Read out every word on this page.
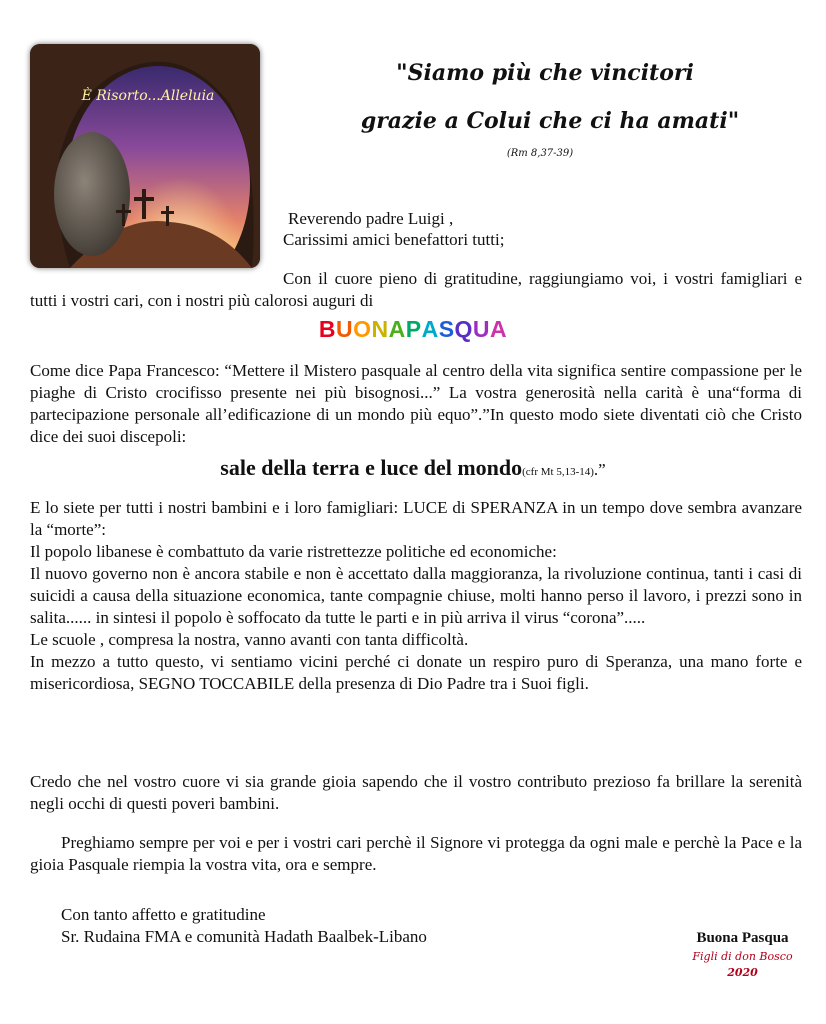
È Risorto...Alleluia
"Siamo più che vincitori
grazie a Colui che ci ha amati"
(Rm 8,37-39)
Reverendo padre Luigi ,
Carissimi amici benefattori tutti;
Con il cuore pieno di gratitudine, raggiungiamo voi, i vostri famigliari e tutti i vostri cari, con i nostri più calorosi auguri di
BUONAPASQUA
Come dice Papa Francesco: “Mettere il Mistero pasquale al centro della vita significa sentire compassione per le piaghe di Cristo crocifisso presente nei più bisognosi...” La vostra generosità nella carità è una“forma di partecipazione personale all’edificazione di un mondo più equo”.”In questo modo siete diventati ciò che Cristo dice dei suoi discepoli:
sale della terra e luce del mondo(cfr Mt 5,13-14).”
E lo siete per tutti i nostri bambini e i loro famigliari: LUCE di SPERANZA in un tempo dove sembra avanzare la “morte”:
Il popolo libanese è combattuto da varie ristrettezze politiche ed economiche:
Il nuovo governo non è ancora stabile e non è accettato dalla maggioranza, la rivoluzione continua, tanti i casi di suicidi a causa della situazione economica, tante compagnie chiuse, molti hanno perso il lavoro, i prezzi sono in salita...... in sintesi il popolo è soffocato da tutte le parti e in più arriva il virus “corona”.....
Le scuole , compresa la nostra, vanno avanti con tanta difficoltà.
In mezzo a tutto questo, vi sentiamo vicini perché ci donate un respiro puro di Speranza, una mano forte e misericordiosa, SEGNO TOCCABILE della presenza di Dio Padre tra i Suoi figli.
Credo che nel vostro cuore vi sia grande gioia sapendo che il vostro contributo prezioso fa brillare la serenità negli occhi di questi poveri bambini.
Preghiamo sempre per voi e per i vostri cari perchè il Signore vi protegga da ogni male e perchè la Pace e la gioia Pasquale riempia la vostra vita, ora e sempre.
Con tanto affetto e gratitudine
Sr. Rudaina FMA e comunità Hadath Baalbek-Libano	Buona Pasqua
Figli di don Bosco
2020
